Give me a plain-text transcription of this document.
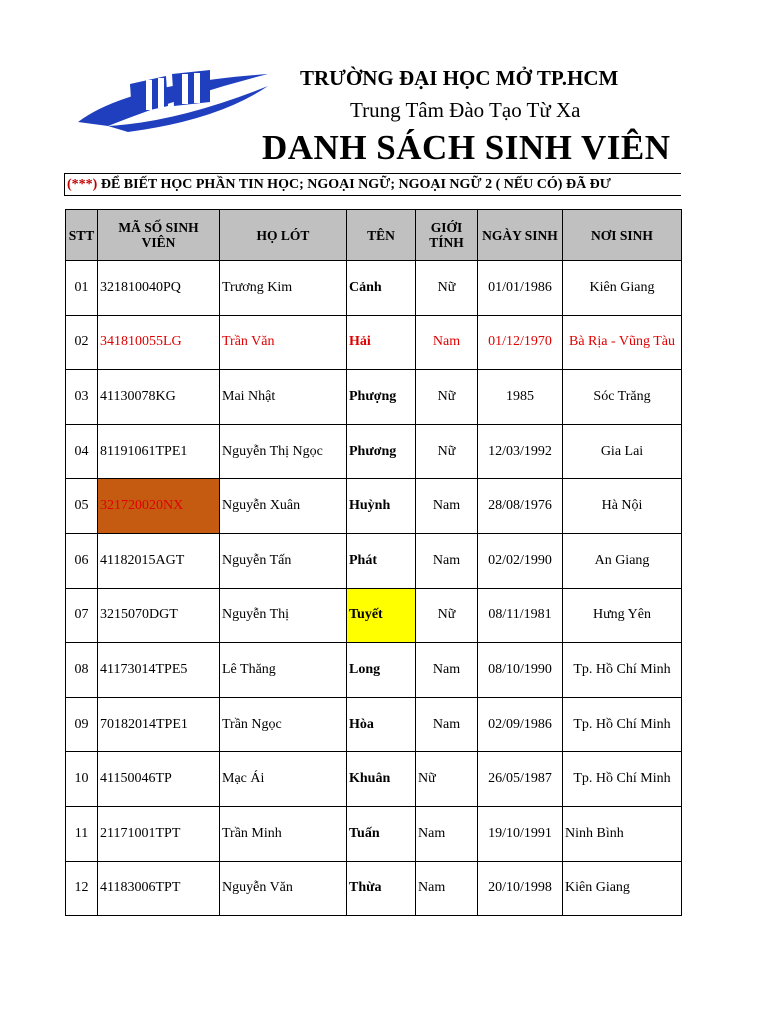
TRƯỜNG ĐẠI HỌC MỞ TP.HCM
Trung Tâm Đào Tạo Từ Xa
DANH SÁCH SINH VIÊN
(***) ĐỂ BIẾT HỌC PHẦN TIN HỌC; NGOẠI NGỮ; NGOẠI NGỮ 2 ( NẾU CÓ) ĐÃ ĐƯ
STT	MÃ SỐ SINH VIÊN	HỌ LÓT	TÊN	GIỚI TÍNH	NGÀY SINH	NƠI SINH
01	321810040PQ	Trương Kim	Cảnh	Nữ	01/01/1986	Kiên Giang
02	341810055LG	Trần Văn	Hải	Nam	01/12/1970	Bà Rịa - Vũng Tàu
03	41130078KG	Mai Nhật	Phượng	Nữ	1985	Sóc Trăng
04	81191061TPE1	Nguyễn Thị Ngọc	Phương	Nữ	12/03/1992	Gia Lai
05	321720020NX	Nguyễn Xuân	Huỳnh	Nam	28/08/1976	Hà Nội
06	41182015AGT	Nguyễn Tấn	Phát	Nam	02/02/1990	An Giang
07	3215070DGT	Nguyễn Thị	Tuyết	Nữ	08/11/1981	Hưng Yên
08	41173014TPE5	Lê Thăng	Long	Nam	08/10/1990	Tp. Hồ Chí Minh
09	70182014TPE1	Trần Ngọc	Hòa	Nam	02/09/1986	Tp. Hồ Chí Minh
10	41150046TP	Mạc Ái	Khuân	Nữ	26/05/1987	Tp. Hồ Chí Minh
11	21171001TPT	Trần Minh	Tuấn	Nam	19/10/1991	Ninh Bình
12	41183006TPT	Nguyễn Văn	Thừa	Nam	20/10/1998	Kiên Giang
